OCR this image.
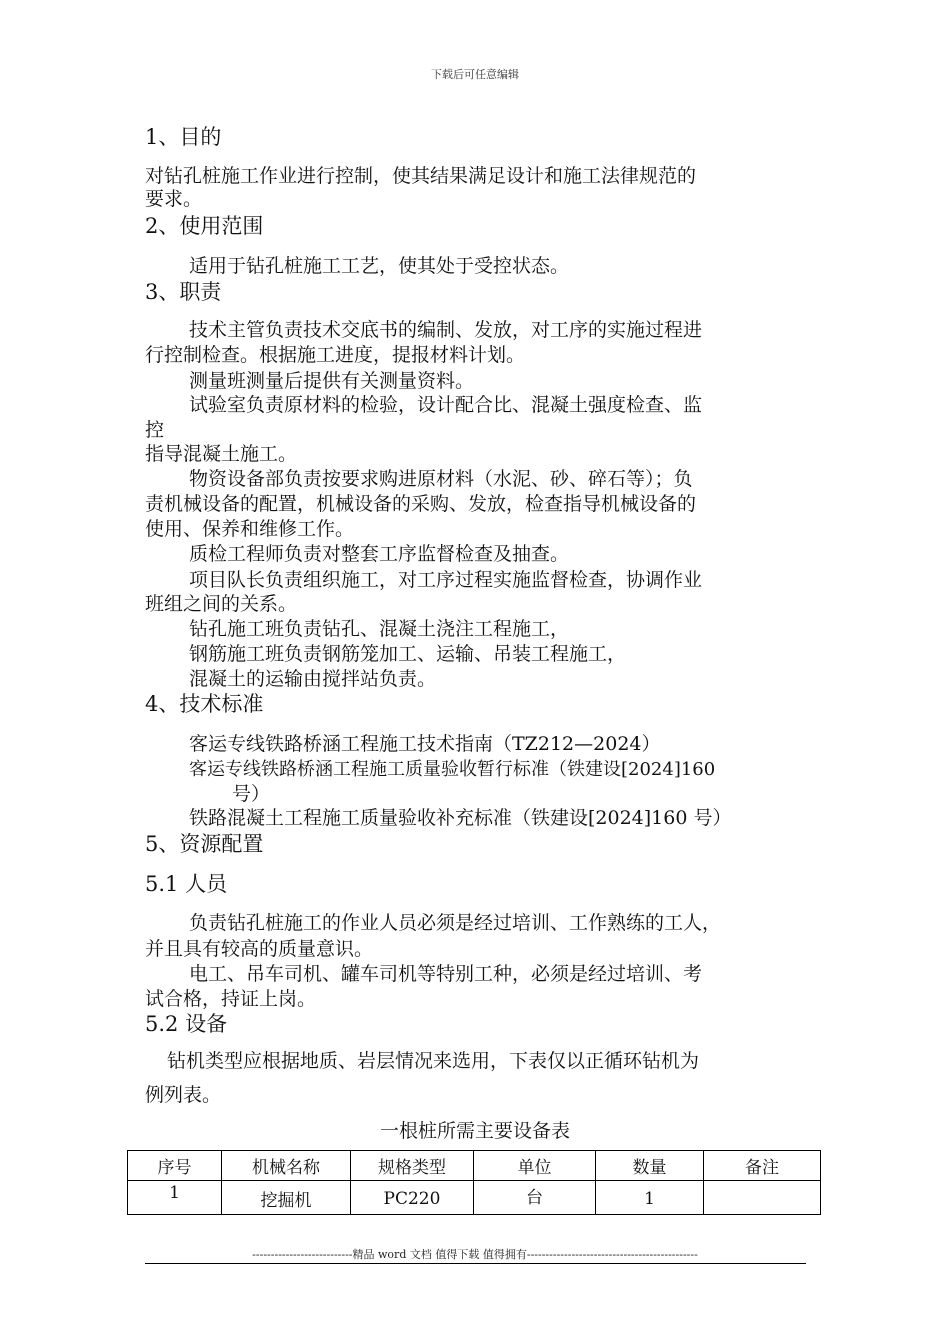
下载后可任意编辑
1、目的
对钻孔桩施工作业进行控制，使其结果满足设计和施工法律规范的
要求。
2、使用范围
适用于钻孔桩施工工艺，使其处于受控状态。
3、职责
技术主管负责技术交底书的编制、发放，对工序的实施过程进
行控制检查。根据施工进度，提报材料计划。
测量班测量后提供有关测量资料。
试验室负责原材料的检验，设计配合比、混凝土强度检查、监
控
指导混凝土施工。
物资设备部负责按要求购进原材料（水泥、砂、碎石等）；负
责机械设备的配置，机械设备的采购、发放，检查指导机械设备的
使用、保养和维修工作。
质检工程师负责对整套工序监督检查及抽查。
项目队长负责组织施工，对工序过程实施监督检查，协调作业
班组之间的关系。
钻孔施工班负责钻孔、混凝土浇注工程施工，
钢筋施工班负责钢筋笼加工、运输、吊装工程施工，
混凝土的运输由搅拌站负责。
4、技术标准
客运专线铁路桥涵工程施工技术指南（TZ212—2024）
客运专线铁路桥涵工程施工质量验收暂行标准（铁建设[2024]160
号）
铁路混凝土工程施工质量验收补充标准（铁建设[2024]160 号）
5、资源配置
5.1 人员
负责钻孔桩施工的作业人员必须是经过培训、工作熟练的工人，
并且具有较高的质量意识。
电工、吊车司机、罐车司机等特别工种，必须是经过培训、考
试合格，持证上岗。
5.2 设备
钻机类型应根据地质、岩层情况来选用，下表仅以正循环钻机为
例列表。
一根桩所需主要设备表
序号	机械名称	规格类型	单位	数量	备注
1	挖掘机	PC220	台	1	
---------------------------精品 word 文档 值得下载 值得拥有----------------------------------------------
